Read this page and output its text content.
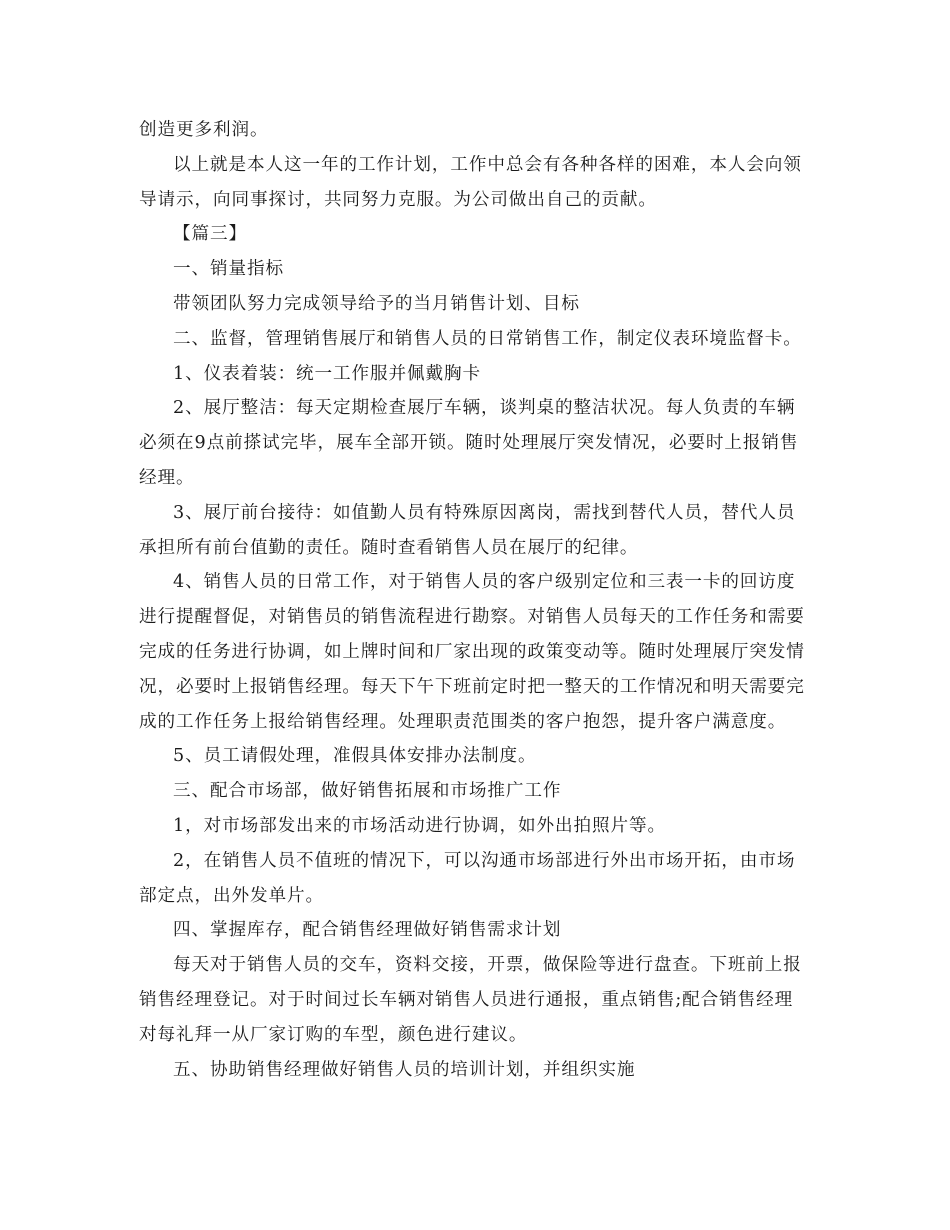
创造更多利润。
以上就是本人这一年的工作计划，工作中总会有各种各样的困难，本人会向领
导请示，向同事探讨，共同努力克服。为公司做出自己的贡献。
【篇三】
一、销量指标
带领团队努力完成领导给予的当月销售计划、目标
二、监督，管理销售展厅和销售人员的日常销售工作，制定仪表环境监督卡。
1、仪表着装：统一工作服并佩戴胸卡
2、展厅整洁：每天定期检查展厅车辆，谈判桌的整洁状况。每人负责的车辆
必须在9点前搽试完毕，展车全部开锁。随时处理展厅突发情况，必要时上报销售
经理。
3、展厅前台接待：如值勤人员有特殊原因离岗，需找到替代人员，替代人员
承担所有前台值勤的责任。随时查看销售人员在展厅的纪律。
4、销售人员的日常工作，对于销售人员的客户级别定位和三表一卡的回访度
进行提醒督促，对销售员的销售流程进行勘察。对销售人员每天的工作任务和需要
完成的任务进行协调，如上牌时间和厂家出现的政策变动等。随时处理展厅突发情
况，必要时上报销售经理。每天下午下班前定时把一整天的工作情况和明天需要完
成的工作任务上报给销售经理。处理职责范围类的客户抱怨，提升客户满意度。
5、员工请假处理，准假具体安排办法制度。
三、配合市场部，做好销售拓展和市场推广工作
1，对市场部发出来的市场活动进行协调，如外出拍照片等。
2，在销售人员不值班的情况下，可以沟通市场部进行外出市场开拓，由市场
部定点，出外发单片。
四、掌握库存，配合销售经理做好销售需求计划
每天对于销售人员的交车，资料交接，开票，做保险等进行盘查。下班前上报
销售经理登记。对于时间过长车辆对销售人员进行通报，重点销售;配合销售经理
对每礼拜一从厂家订购的车型，颜色进行建议。
五、协助销售经理做好销售人员的培训计划，并组织实施
